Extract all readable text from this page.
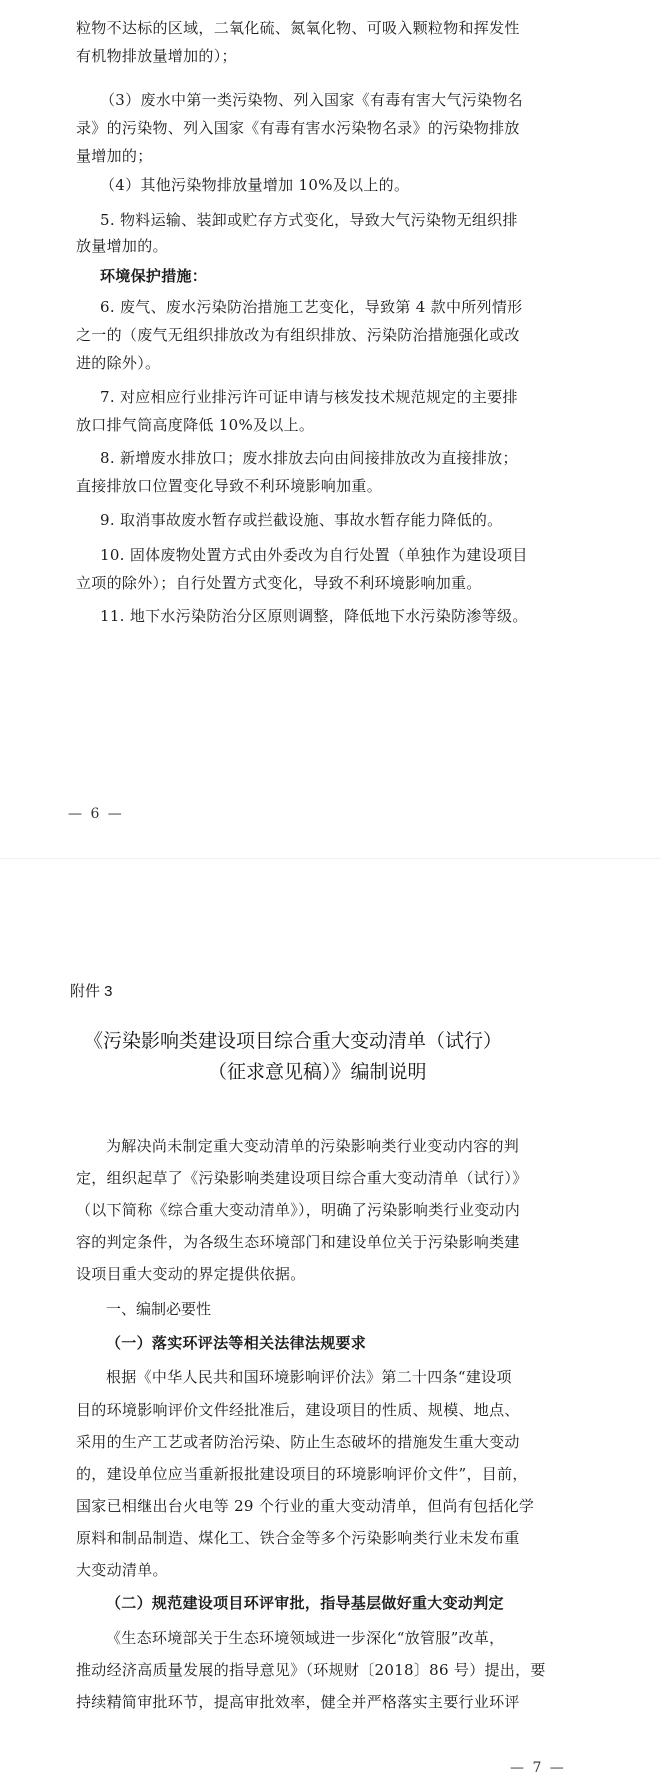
粒物不达标的区域，二氧化硫、氮氧化物、可吸入颗粒物和挥发性
有机物排放量增加的）；
（3）废水中第一类污染物、列入国家《有毒有害大气污染物名
录》的污染物、列入国家《有毒有害水污染物名录》的污染物排放
量增加的；
（4）其他污染物排放量增加 10%及以上的。
5. 物料运输、装卸或贮存方式变化，导致大气污染物无组织排
放量增加的。
环境保护措施：
6. 废气、废水污染防治措施工艺变化，导致第 4 款中所列情形
之一的（废气无组织排放改为有组织排放、污染防治措施强化或改
进的除外）。
7. 对应相应行业排污许可证申请与核发技术规范规定的主要排
放口排气筒高度降低 10%及以上。
8. 新增废水排放口；废水排放去向由间接排放改为直接排放；
直接排放口位置变化导致不利环境影响加重。
9. 取消事故废水暂存或拦截设施、事故水暂存能力降低的。
10. 固体废物处置方式由外委改为自行处置（单独作为建设项目
立项的除外）；自行处置方式变化，导致不利环境影响加重。
11. 地下水污染防治分区原则调整，降低地下水污染防渗等级。
— 6 —
附件 3
《污染影响类建设项目综合重大变动清单（试行）
（征求意见稿）》编制说明
为解决尚未制定重大变动清单的污染影响类行业变动内容的判
定，组织起草了《污染影响类建设项目综合重大变动清单（试行）》
（以下简称《综合重大变动清单》），明确了污染影响类行业变动内
容的判定条件，为各级生态环境部门和建设单位关于污染影响类建
设项目重大变动的界定提供依据。
一、编制必要性
（一）落实环评法等相关法律法规要求
根据《中华人民共和国环境影响评价法》第二十四条“建设项
目的环境影响评价文件经批准后，建设项目的性质、规模、地点、
采用的生产工艺或者防治污染、防止生态破坏的措施发生重大变动
的，建设单位应当重新报批建设项目的环境影响评价文件”，目前，
国家已相继出台火电等 29 个行业的重大变动清单，但尚有包括化学
原料和制品制造、煤化工、铁合金等多个污染影响类行业未发布重
大变动清单。
（二）规范建设项目环评审批，指导基层做好重大变动判定
《生态环境部关于生态环境领域进一步深化“放管服”改革，
推动经济高质量发展的指导意见》（环规财〔2018〕86 号）提出，要
持续精简审批环节，提高审批效率，健全并严格落实主要行业环评
— 7 —
